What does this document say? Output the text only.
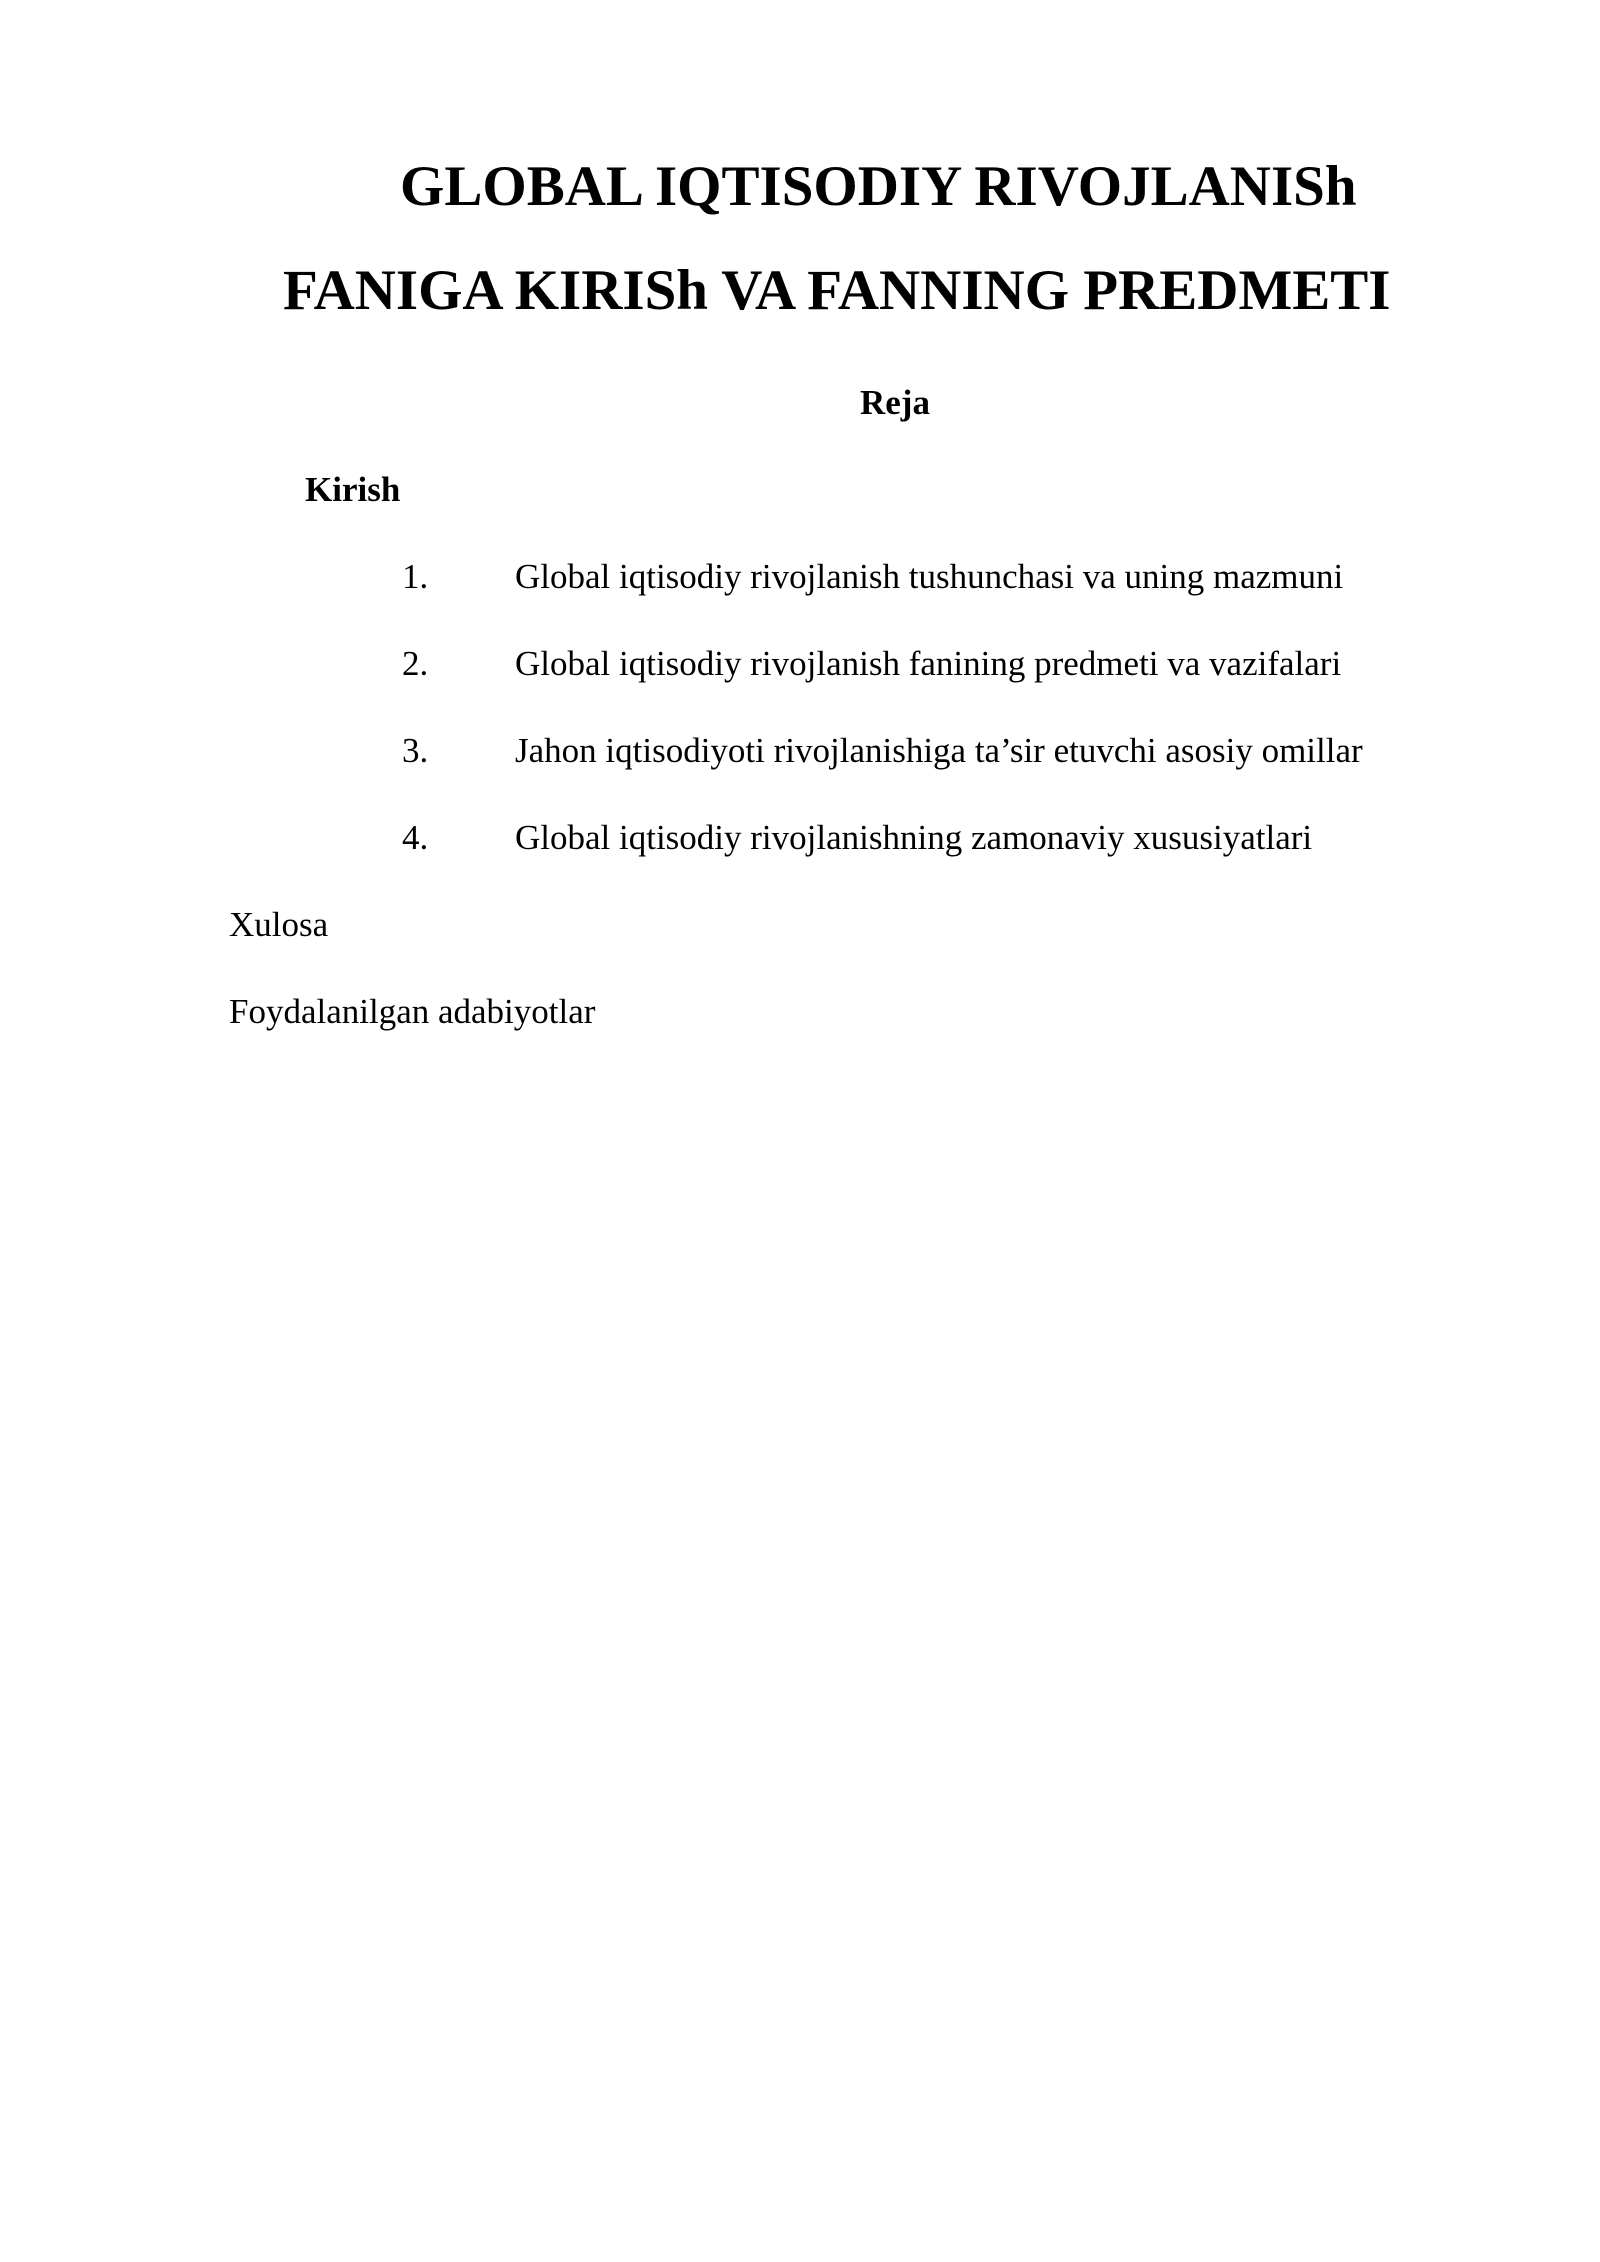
GLOBAL IQTISODIY RIVOJLANISh
FANIGA KIRISh VA FANNING PREDMETI
Reja
Kirish
1. Global iqtisodiy rivojlanish tushunchasi va uning mazmuni
2. Global iqtisodiy rivojlanish fanining predmeti va vazifalari
3. Jahon iqtisodiyoti rivojlanishiga ta’sir etuvchi asosiy omillar
4. Global iqtisodiy rivojlanishning zamonaviy xususiyatlari
Xulosa
Foydalanilgan adabiyotlar
